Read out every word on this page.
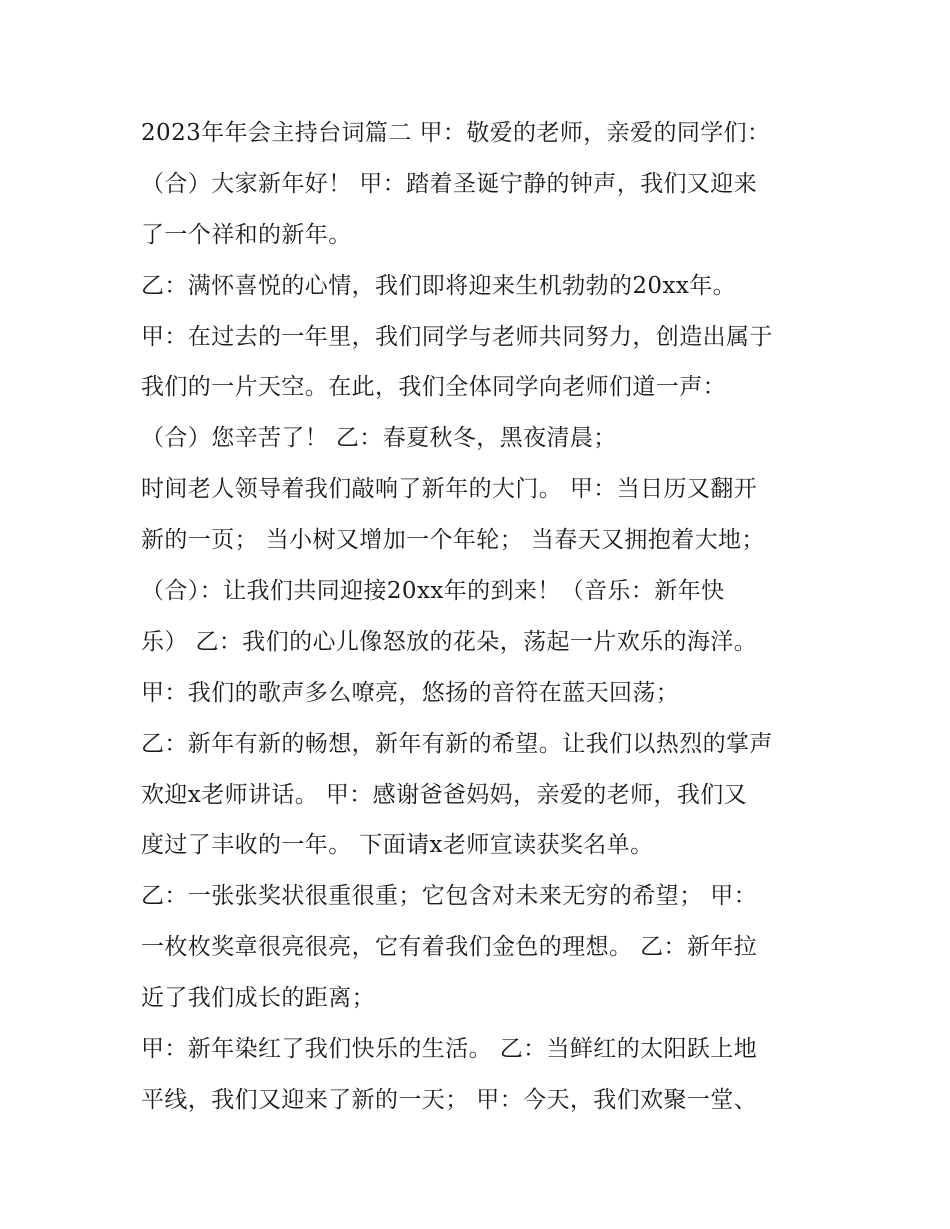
2023年年会主持台词篇二 甲：敬爱的老师，亲爱的同学们：
（合）大家新年好！ 甲：踏着圣诞宁静的钟声，我们又迎来
了一个祥和的新年。
乙：满怀喜悦的心情，我们即将迎来生机勃勃的20xx年。
甲：在过去的一年里，我们同学与老师共同努力，创造出属于
我们的一片天空。在此，我们全体同学向老师们道一声：
（合）您辛苦了！ 乙：春夏秋冬，黑夜清晨；
时间老人领导着我们敲响了新年的大门。 甲：当日历又翻开
新的一页； 当小树又增加一个年轮； 当春天又拥抱着大地；
（合）：让我们共同迎接20xx年的到来！（音乐：新年快
乐） 乙：我们的心儿像怒放的花朵，荡起一片欢乐的海洋。
甲：我们的歌声多么嘹亮，悠扬的音符在蓝天回荡；
乙：新年有新的畅想，新年有新的希望。让我们以热烈的掌声
欢迎x老师讲话。 甲：感谢爸爸妈妈，亲爱的老师，我们又
度过了丰收的一年。 下面请x老师宣读获奖名单。
乙：一张张奖状很重很重；它包含对未来无穷的希望； 甲：
一枚枚奖章很亮很亮，它有着我们金色的理想。 乙：新年拉
近了我们成长的距离；
甲：新年染红了我们快乐的生活。 乙：当鲜红的太阳跃上地
平线，我们又迎来了新的一天； 甲：今天，我们欢聚一堂、
